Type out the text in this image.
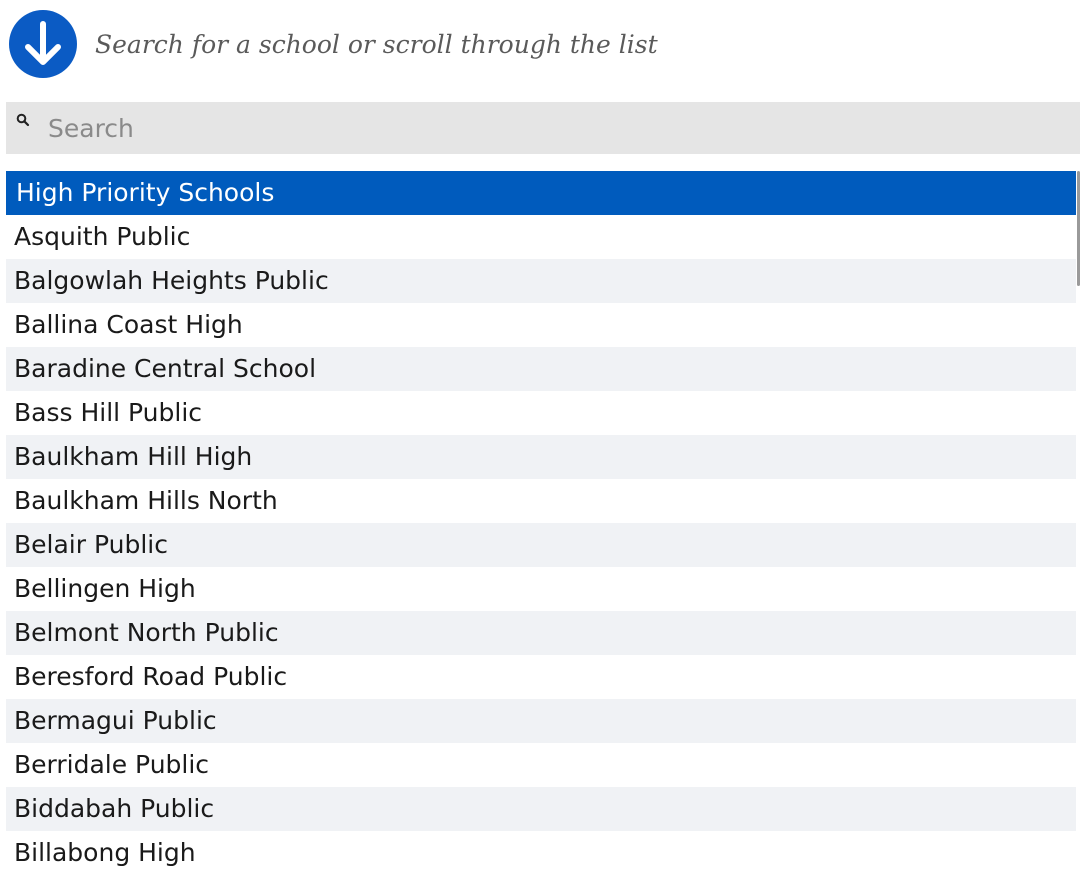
Search for a school or scroll through the list
Search
High Priority Schools
Asquith Public
Balgowlah Heights Public
Ballina Coast High
Baradine Central School
Bass Hill Public
Baulkham Hill High
Baulkham Hills North
Belair Public
Bellingen High
Belmont North Public
Beresford Road Public
Bermagui Public
Berridale Public
Biddabah Public
Billabong High
